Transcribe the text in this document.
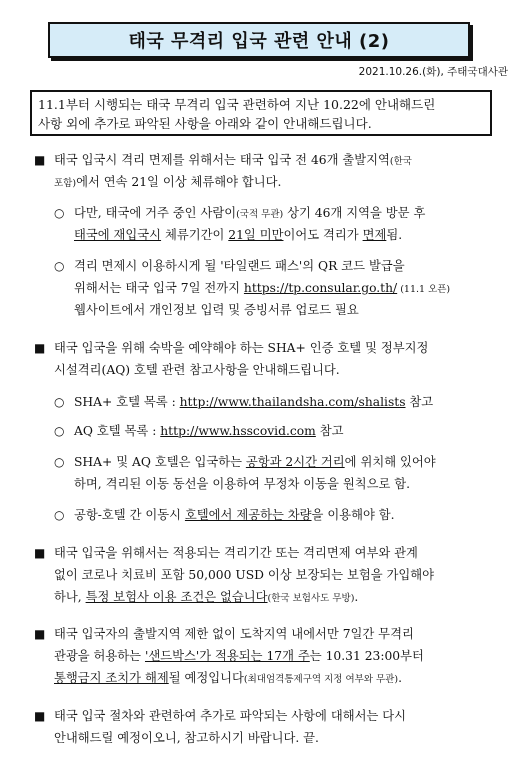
태국 무격리 입국 관련 안내 (2)
2021.10.26.(화), 주태국대사관
11.1부터 시행되는 태국 무격리 입국 관련하여 지난 10.22에 안내해드린
사항 외에 추가로 파악된 사항을 아래와 같이 안내해드립니다.
■ 태국 입국시 격리 면제를 위해서는 태국 입국 전 46개 출발지역(한국
포함)에서 연속 21일 이상 체류해야 합니다.
○ 다만, 태국에 거주 중인 사람이(국적 무관) 상기 46개 지역을 방문 후
태국에 재입국시 체류기간이 21일 미만이어도 격리가 면제됨.
○ 격리 면제시 이용하시게 될 '타일랜드 패스'의 QR 코드 발급을
위해서는 태국 입국 7일 전까지 https://tp.consular.go.th/ (11.1 오픈)
웹사이트에서 개인정보 입력 및 증빙서류 업로드 필요
■ 태국 입국을 위해 숙박을 예약해야 하는 SHA+ 인증 호텔 및 정부지정
시설격리(AQ) 호텔 관련 참고사항을 안내해드립니다.
○ SHA+ 호텔 목록 : http://www.thailandsha.com/shalists 참고
○ AQ 호텔 목록 : http://www.hsscovid.com 참고
○ SHA+ 및 AQ 호텔은 입국하는 공항과 2시간 거리에 위치해 있어야
하며, 격리된 이동 동선을 이용하여 무정차 이동을 원칙으로 함.
○ 공항-호텔 간 이동시 호텔에서 제공하는 차량을 이용해야 함.
■ 태국 입국을 위해서는 적용되는 격리기간 또는 격리면제 여부와 관계
없이 코로나 치료비 포함 50,000 USD 이상 보장되는 보험을 가입해야
하나, 특정 보험사 이용 조건은 없습니다(한국 보험사도 무방).
■ 태국 입국자의 출발지역 제한 없이 도착지역 내에서만 7일간 무격리
관광을 허용하는 '샌드박스'가 적용되는 17개 주는 10.31 23:00부터
통행금지 조치가 해제될 예정입니다(최대엄격통제구역 지정 여부와 무관).
■ 태국 입국 절차와 관련하여 추가로 파악되는 사항에 대해서는 다시
안내해드릴 예정이오니, 참고하시기 바랍니다. 끝.
